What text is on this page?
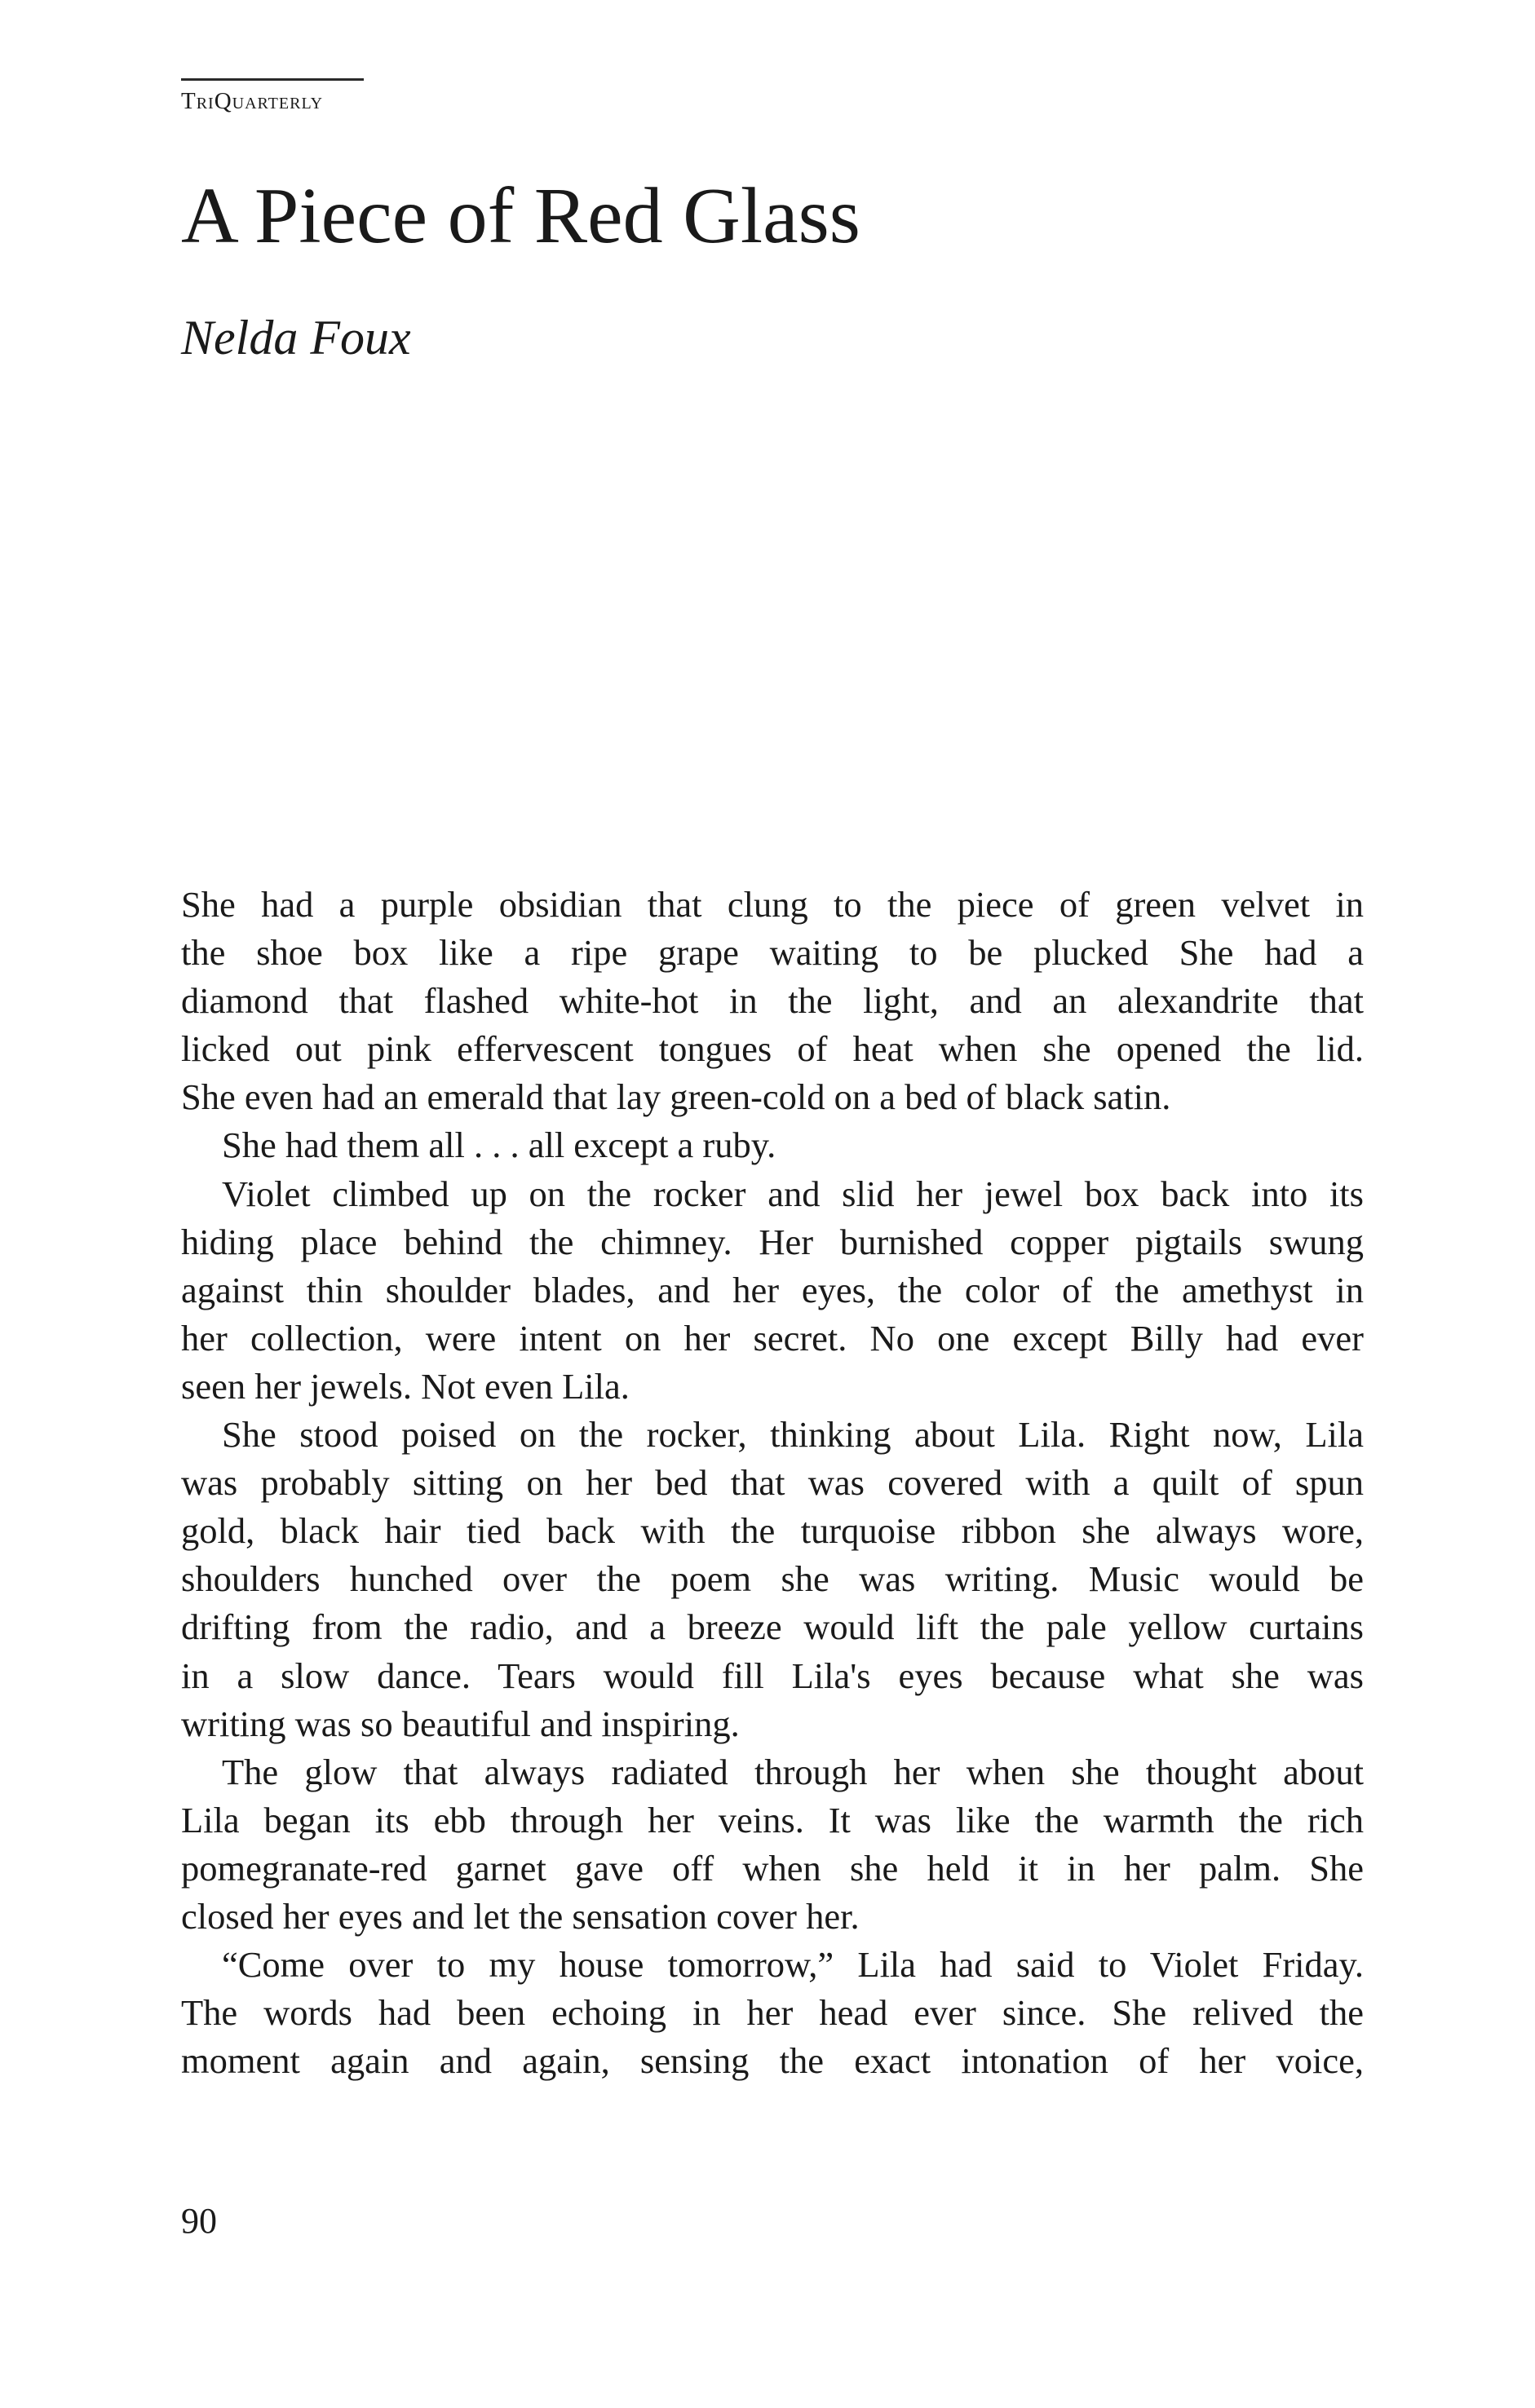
TriQuarterly
A Piece of Red Glass
Nelda Foux
She had a purple obsidian that clung to the piece of green velvet in
the shoe box like a ripe grape waiting to be plucked She had a
diamond that flashed white-hot in the light, and an alexandrite that
licked out pink effervescent tongues of heat when she opened the lid.
She even had an emerald that lay green-cold on a bed of black satin.
She had them all . . . all except a ruby.
Violet climbed up on the rocker and slid her jewel box back into its
hiding place behind the chimney. Her burnished copper pigtails swung
against thin shoulder blades, and her eyes, the color of the amethyst in
her collection, were intent on her secret. No one except Billy had ever
seen her jewels. Not even Lila.
She stood poised on the rocker, thinking about Lila. Right now, Lila
was probably sitting on her bed that was covered with a quilt of spun
gold, black hair tied back with the turquoise ribbon she always wore,
shoulders hunched over the poem she was writing. Music would be
drifting from the radio, and a breeze would lift the pale yellow curtains
in a slow dance. Tears would fill Lila's eyes because what she was
writing was so beautiful and inspiring.
The glow that always radiated through her when she thought about
Lila began its ebb through her veins. It was like the warmth the rich
pomegranate-red garnet gave off when she held it in her palm. She
closed her eyes and let the sensation cover her.
“Come over to my house tomorrow,” Lila had said to Violet Friday.
The words had been echoing in her head ever since. She relived the
moment again and again, sensing the exact intonation of her voice,
90
